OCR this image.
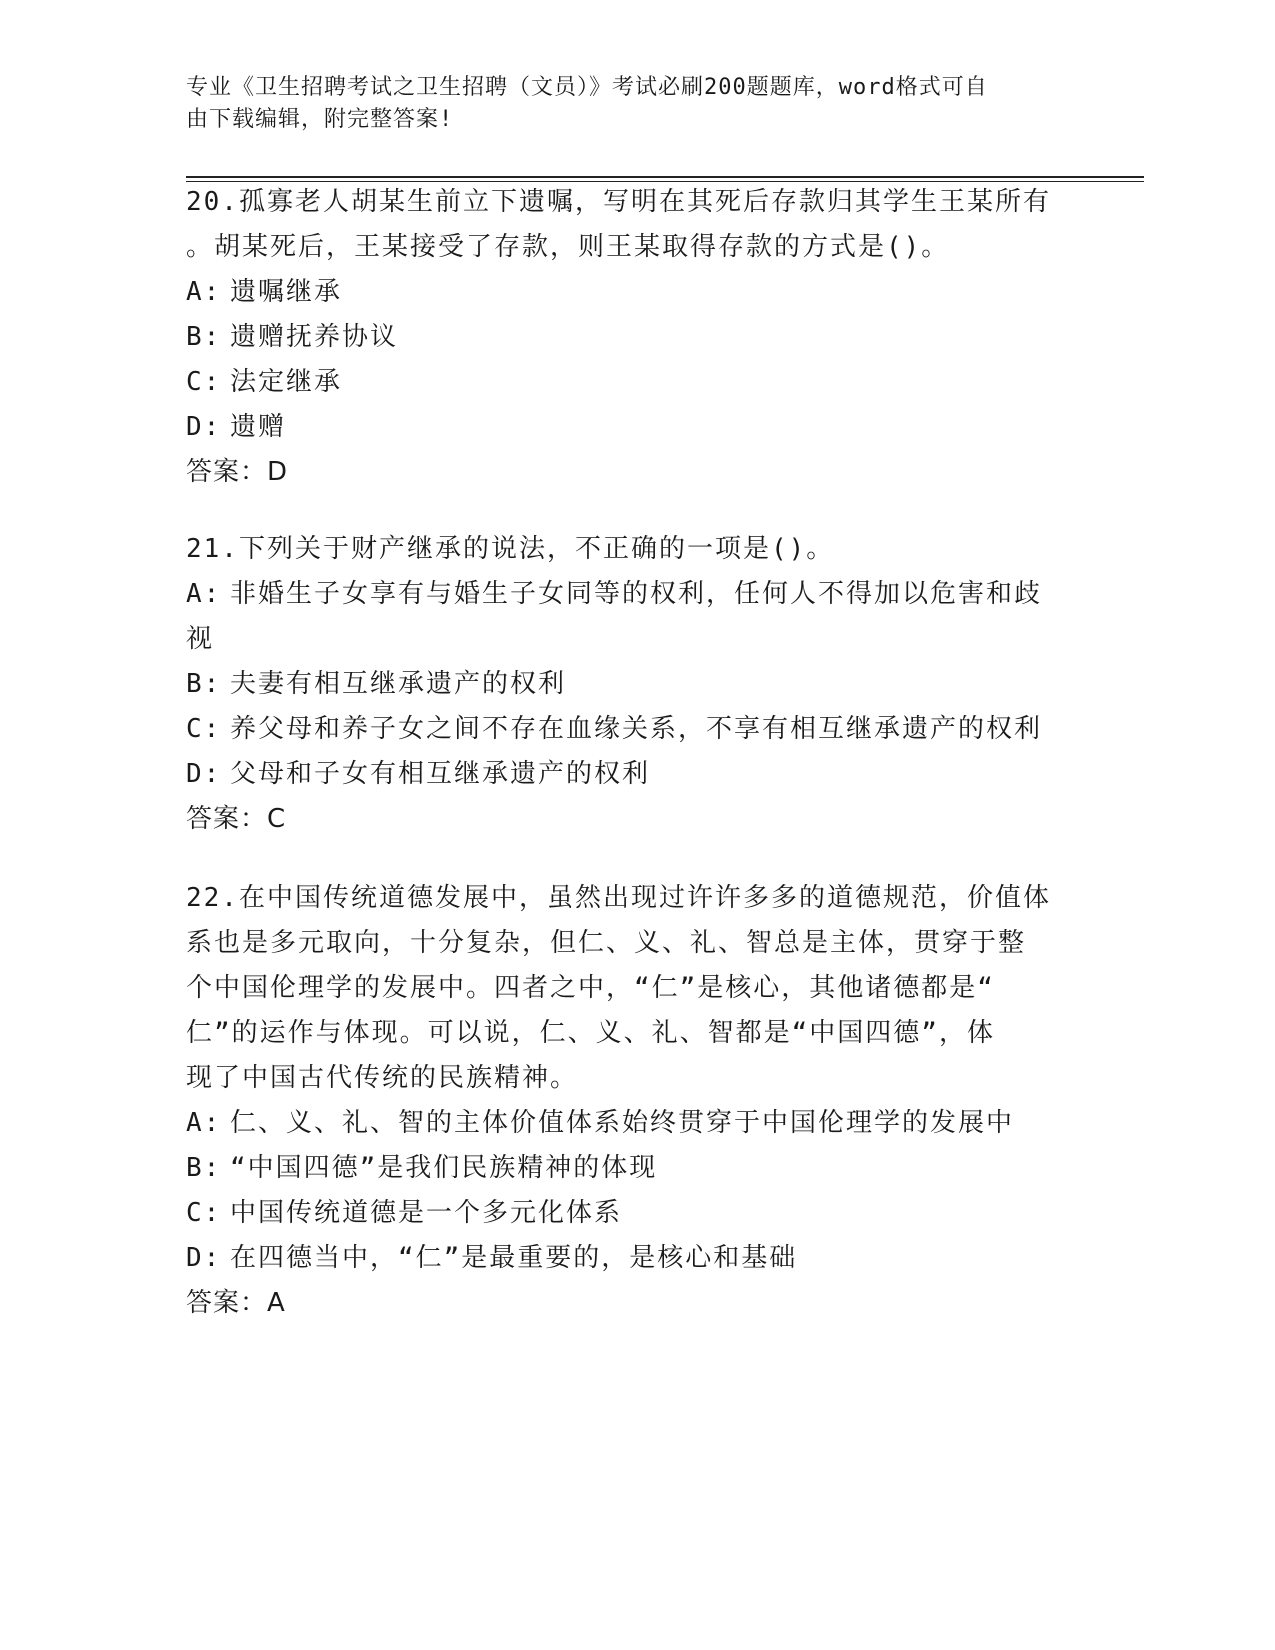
专业《卫生招聘考试之卫生招聘（文员）》考试必刷200题题库，word格式可自
由下载编辑，附完整答案!

20.孤寡老人胡某生前立下遗嘱，写明在其死后存款归其学生王某所有

。胡某死后，王某接受了存款，则王某取得存款的方式是()。

A: 遗嘱继承

B: 遗赠抚养协议

C: 法定继承

D: 遗赠

答案：D

21.下列关于财产继承的说法，不正确的一项是()。

A: 非婚生子女享有与婚生子女同等的权利，任何人不得加以危害和歧

视

B: 夫妻有相互继承遗产的权利

C: 养父母和养子女之间不存在血缘关系，不享有相互继承遗产的权利

D: 父母和子女有相互继承遗产的权利

答案：C

22.在中国传统道德发展中，虽然出现过许许多多的道德规范，价值体

系也是多元取向，十分复杂，但仁、义、礼、智总是主体，贯穿于整

个中国伦理学的发展中。四者之中，“仁”是核心，其他诸德都是“

仁”的运作与体现。可以说，仁、义、礼、智都是“中国四德”，体

现了中国古代传统的民族精神。

A: 仁、义、礼、智的主体价值体系始终贯穿于中国伦理学的发展中

B: “中国四德”是我们民族精神的体现

C: 中国传统道德是一个多元化体系

D: 在四德当中，“仁”是最重要的，是核心和基础

答案：A
